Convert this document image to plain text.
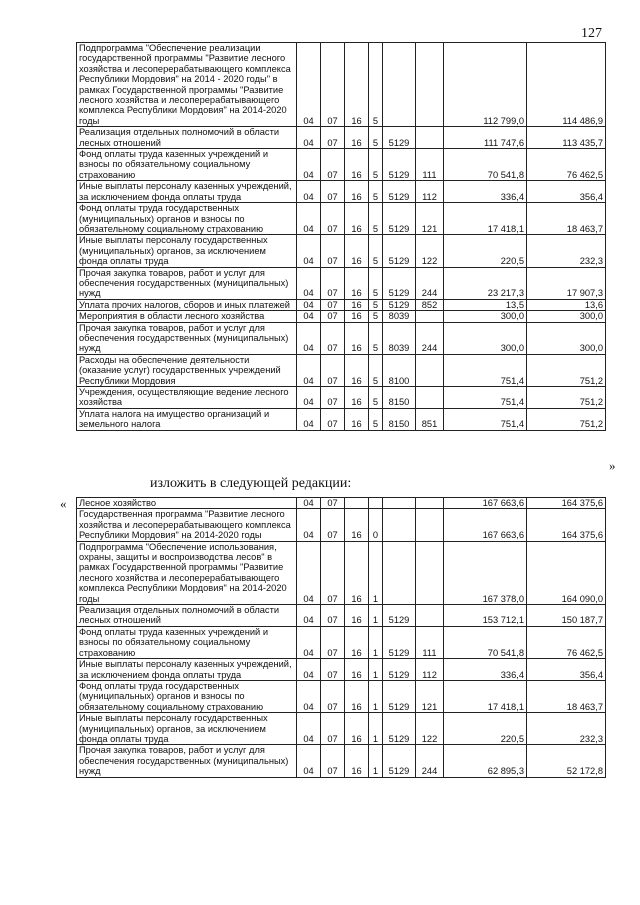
127
Подпрограмма "Обеспечение реализации государственной программы "Развитие лесного хозяйства и лесоперерабатывающего комплекса Республики Мордовия" на 2014 - 2020 годы" в рамках Государственной программы "Развитие лесного хозяйства и лесоперерабатывающего комплекса Республики Мордовия" на 2014-2020 годы	04	07	16	5			112 799,0	114 486,9
Реализация отдельных полномочий в области лесных отношений	04	07	16	5	5129		111 747,6	113 435,7
Фонд оплаты труда казенных учреждений и взносы по обязательному социальному страхованию	04	07	16	5	5129	111	70 541,8	76 462,5
Иные выплаты персоналу казенных учреждений, за исключением фонда оплаты труда	04	07	16	5	5129	112	336,4	356,4
Фонд оплаты труда государственных (муниципальных) органов и взносы по обязательному социальному страхованию	04	07	16	5	5129	121	17 418,1	18 463,7
Иные выплаты персоналу государственных (муниципальных) органов, за исключением фонда оплаты труда	04	07	16	5	5129	122	220,5	232,3
Прочая закупка товаров, работ и услуг для обеспечения государственных (муниципальных) нужд	04	07	16	5	5129	244	23 217,3	17 907,3
Уплата прочих налогов, сборов и иных платежей	04	07	16	5	5129	852	13,5	13,6
Мероприятия в области лесного хозяйства	04	07	16	5	8039		300,0	300,0
Прочая закупка товаров, работ и услуг для обеспечения государственных (муниципальных) нужд	04	07	16	5	8039	244	300,0	300,0
Расходы на обеспечение деятельности (оказание услуг) государственных учреждений Республики Мордовия	04	07	16	5	8100		751,4	751,2
Учреждения, осуществляющие ведение лесного хозяйства	04	07	16	5	8150		751,4	751,2
Уплата налога на имущество организаций и земельного налога	04	07	16	5	8150	851	751,4	751,2
»
изложить в следующей редакции:
« Лесное хозяйство	04	07					167 663,6	164 375,6
Государственная программа "Развитие лесного хозяйства и лесоперерабатывающего комплекса Республики Мордовия" на 2014-2020 годы	04	07	16	0			167 663,6	164 375,6
Подпрограмма "Обеспечение использования, охраны, защиты и воспроизводства лесов" в рамках Государственной программы "Развитие лесного хозяйства и лесоперерабатывающего комплекса Республики Мордовия" на 2014-2020 годы	04	07	16	1			167 378,0	164 090,0
Реализация отдельных полномочий в области лесных отношений	04	07	16	1	5129		153 712,1	150 187,7
Фонд оплаты труда казенных учреждений и взносы по обязательному социальному страхованию	04	07	16	1	5129	111	70 541,8	76 462,5
Иные выплаты персоналу казенных учреждений, за исключением фонда оплаты труда	04	07	16	1	5129	112	336,4	356,4
Фонд оплаты труда государственных (муниципальных) органов и взносы по обязательному социальному страхованию	04	07	16	1	5129	121	17 418,1	18 463,7
Иные выплаты персоналу государственных (муниципальных) органов, за исключением фонда оплаты труда	04	07	16	1	5129	122	220,5	232,3
Прочая закупка товаров, работ и услуг для обеспечения государственных (муниципальных) нужд	04	07	16	1	5129	244	62 895,3	52 172,8
